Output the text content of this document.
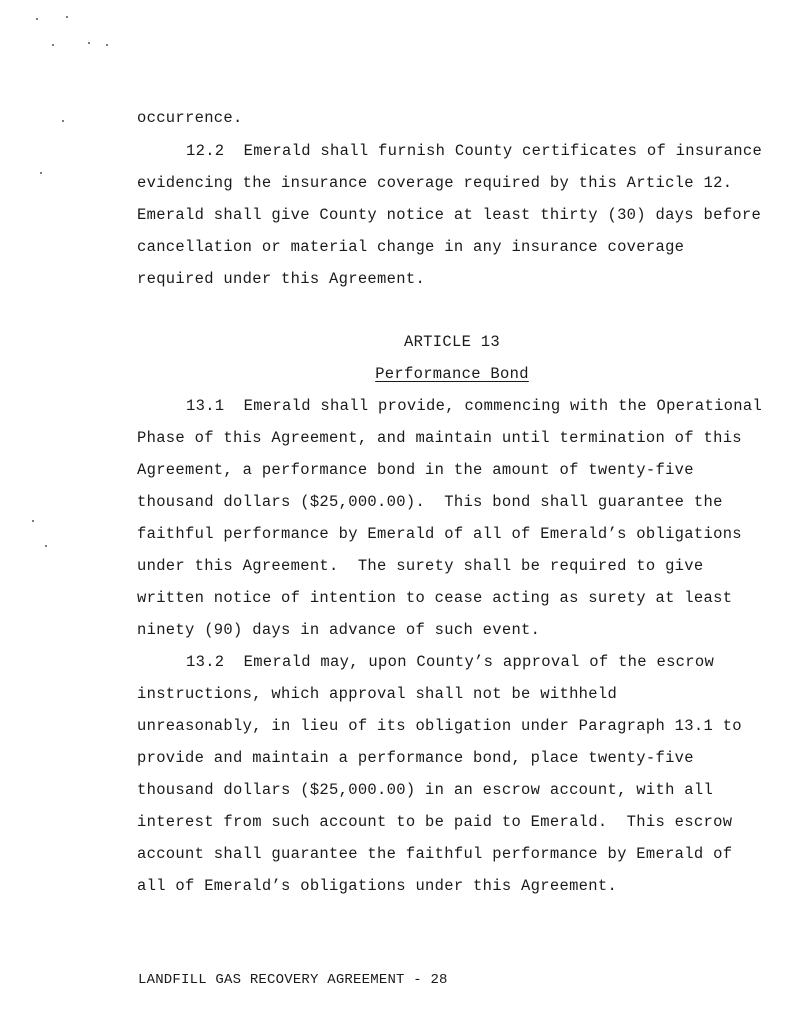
occurrence.
12.2  Emerald shall furnish County certificates of insurance
evidencing the insurance coverage required by this Article 12.
Emerald shall give County notice at least thirty (30) days before
cancellation or material change in any insurance coverage
required under this Agreement.
ARTICLE 13
Performance Bond
13.1  Emerald shall provide, commencing with the Operational
Phase of this Agreement, and maintain until termination of this
Agreement, a performance bond in the amount of twenty-five
thousand dollars ($25,000.00).  This bond shall guarantee the
faithful performance by Emerald of all of Emerald’s obligations
under this Agreement.  The surety shall be required to give
written notice of intention to cease acting as surety at least
ninety (90) days in advance of such event.
13.2  Emerald may, upon County’s approval of the escrow
instructions, which approval shall not be withheld
unreasonably, in lieu of its obligation under Paragraph 13.1 to
provide and maintain a performance bond, place twenty-five
thousand dollars ($25,000.00) in an escrow account, with all
interest from such account to be paid to Emerald.  This escrow
account shall guarantee the faithful performance by Emerald of
all of Emerald’s obligations under this Agreement.
LANDFILL GAS RECOVERY AGREEMENT - 28
